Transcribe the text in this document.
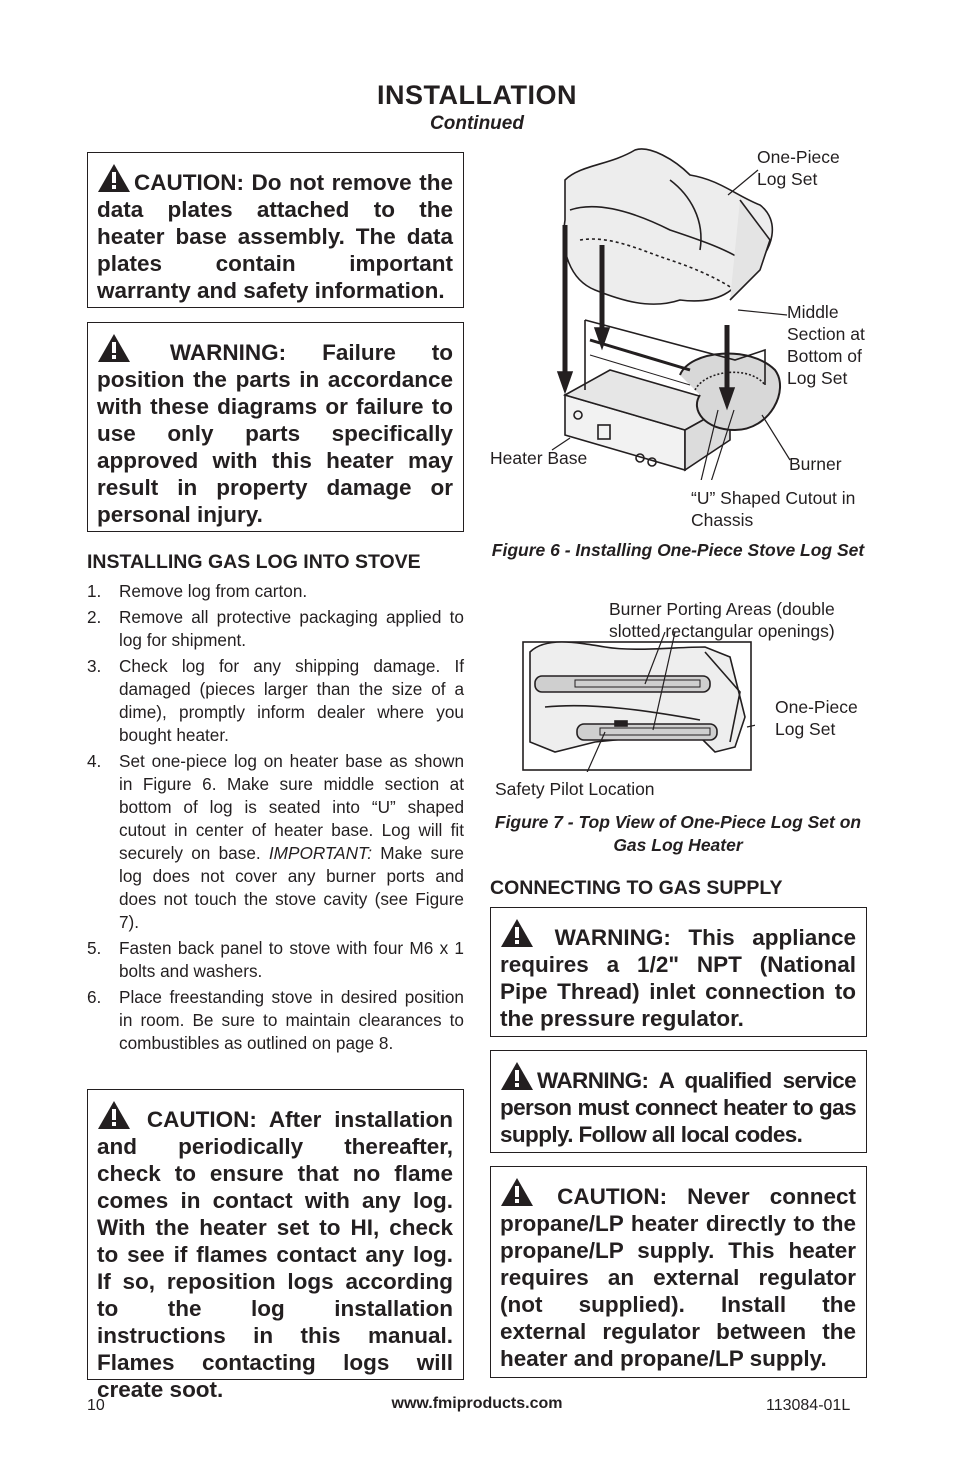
INSTALLATION
Continued
CAUTION: Do not remove the data plates attached to the heater base assembly. The data plates contain important warranty and safety information.
WARNING: Failure to position the parts in accordance with these diagrams or failure to use only parts specifically approved with this heater may result in property damage or personal injury.
INSTALLING GAS LOG INTO STOVE
1. Remove log from carton.
2. Remove all protective packaging applied to log for shipment.
3. Check log for any shipping damage. If damaged (pieces larger than the size of a dime), promptly inform dealer where you bought heater.
4. Set one-piece log on heater base as shown in Figure 6. Make sure middle section at bottom of log is seated into “U” shaped cutout in center of heater base. Log will fit securely on base. IMPORTANT: Make sure log does not cover any burner ports and does not touch the stove cavity (see Figure 7).
5. Fasten back panel to stove with four M6 x 1 bolts and washers.
6. Place freestanding stove in desired position in room. Be sure to maintain clearances to combustibles as outlined on page 8.
CAUTION: After installation and periodically thereafter, check to ensure that no flame comes in contact with any log. With the heater set to HI, check to see if flames contact any log. If so, reposition logs according to the log installation instructions in this manual. Flames contacting logs will create soot.
One-Piece Log Set
Middle Section at Bottom of Log Set
Heater Base	Burner
“U” Shaped Cutout in Chassis
Figure 6 - Installing One-Piece Stove Log Set
Burner Porting Areas (double slotted rectangular openings)
One-Piece Log Set
Safety Pilot Location
Figure 7 - Top View of One-Piece Log Set on Gas Log Heater
CONNECTING TO GAS SUPPLY
WARNING: This appliance requires a 1/2" NPT (National Pipe Thread) inlet connection to the pressure regulator.
WARNING: A qualified service person must connect heater to gas supply. Follow all local codes.
CAUTION: Never connect propane/LP heater directly to the propane/LP supply. This heater requires an external regulator (not supplied). Install the external regulator between the heater and propane/LP supply.
10	www.fmiproducts.com	113084-01L
